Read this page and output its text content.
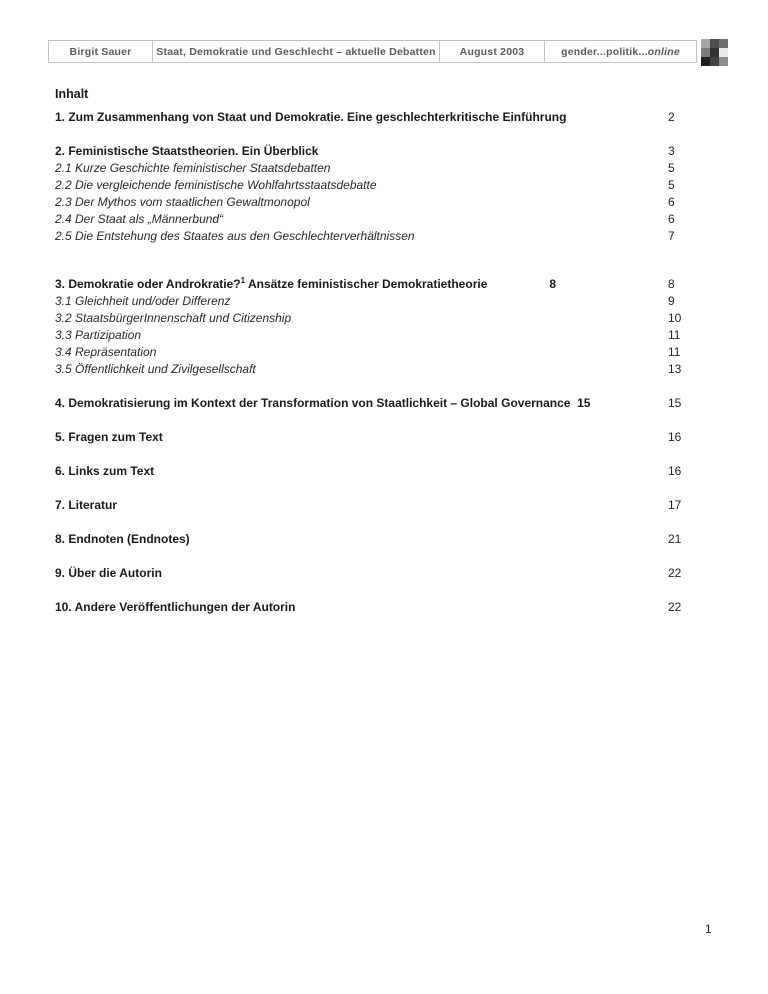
Birgit Sauer	Staat, Demokratie und Geschlecht – aktuelle Debatten	August 2003	gender...politik... online
Inhalt
1. Zum Zusammenhang von Staat und Demokratie. Eine geschlechterkritische Einführung	2
2. Feministische Staatstheorien. Ein Überblick	3
2.1 Kurze Geschichte feministischer Staatsdebatten	5
2.2 Die vergleichende feministische Wohlfahrtsstaatsdebatte	5
2.3 Der Mythos vom staatlichen Gewaltmonopol	6
2.4 Der Staat als „Männerbund“	6
2.5 Die Entstehung des Staates aus den Geschlechterverhältnissen	7
3. Demokratie oder Androkratie?$^1$ Ansätze feministischer Demokratietheorie	8	8
3.1 Gleichheit und/oder Differenz	9
3.2 StaatsbürgerInnenschaft und Citizenship	10
3.3 Partizipation	11
3.4 Repräsentation	11
3.5 Öffentlichkeit und Zivilgesellschaft	13
4. Demokratisierung im Kontext der Transformation von Staatlichkeit – Global Governance  15	15
5. Fragen zum Text	16
6. Links zum Text	16
7. Literatur	17
8. Endnoten (Endnotes)	21
9. Über die Autorin	22
10. Andere Veröffentlichungen der Autorin	22
1
